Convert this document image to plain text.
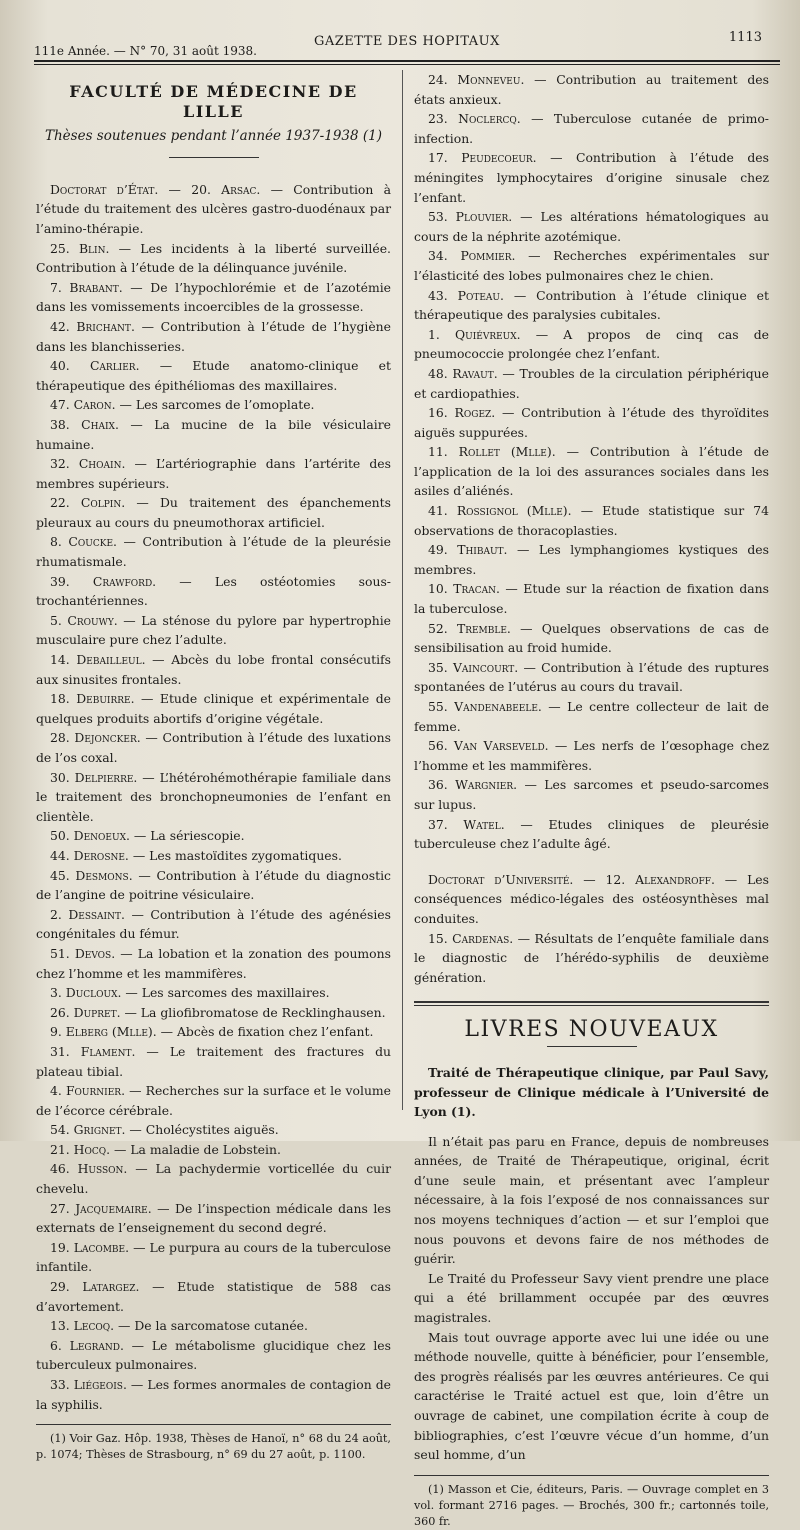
111e Année. — N° 70, 31 août 1938.
GAZETTE DES HOPITAUX	1113
FACULTÉ DE MÉDECINE DE LILLE
Thèses soutenues pendant l’année 1937-1938 (1)

Doctorat d’État. — 20. Arsac. — Contribution à l’étude du traitement des ulcères gastro-duodénaux par l’amino-thérapie.

25. Blin. — Les incidents à la liberté surveillée. Contribution à l’étude de la délinquance juvénile.

7. Brabant. — De l’hypochlorémie et de l’azotémie dans les vomissements incoercibles de la grossesse.

42. Brichant. — Contribution à l’étude de l’hygiène dans les blanchisseries.

40. Carlier. — Etude anatomo-clinique et thérapeutique des épithéliomas des maxillaires.

47. Caron. — Les sarcomes de l’omoplate.

38. Chaix. — La mucine de la bile vésiculaire humaine.

32. Choain. — L’artériographie dans l’artérite des membres supérieurs.

22. Colpin. — Du traitement des épanchements pleuraux au cours du pneumothorax artificiel.

8. Coucke. — Contribution à l’étude de la pleurésie rhumatismale.

39. Crawford. — Les ostéotomies sous-trochantériennes.

5. Crouwy. — La sténose du pylore par hypertrophie musculaire pure chez l’adulte.

14. Debailleul. — Abcès du lobe frontal consécutifs aux sinusites frontales.

18. Debuirre. — Etude clinique et expérimentale de quelques produits abortifs d’origine végétale.

28. Dejoncker. — Contribution à l’étude des luxations de l’os coxal.

30. Delpierre. — L’hétérohémothérapie familiale dans le traitement des bronchopneumonies de l’enfant en clientèle.

50. Denoeux. — La sériescopie.

44. Derosne. — Les mastoïdites zygomatiques.

45. Desmons. — Contribution à l’étude du diagnostic de l’angine de poitrine vésiculaire.

2. Dessaint. — Contribution à l’étude des agénésies congénitales du fémur.

51. Devos. — La lobation et la zonation des poumons chez l’homme et les mammifères.

3. Ducloux. — Les sarcomes des maxillaires.

26. Dupret. — La gliofibromatose de Recklinghausen.

9. Elberg (Mlle). — Abcès de fixation chez l’enfant.

31. Flament. — Le traitement des fractures du plateau tibial.

4. Fournier. — Recherches sur la surface et le volume de l’écorce cérébrale.

54. Grignet. — Cholécystites aiguës.

21. Hocq. — La maladie de Lobstein.

46. Husson. — La pachydermie vorticellée du cuir chevelu.

27. Jacquemaire. — De l’inspection médicale dans les externats de l’enseignement du second degré.

19. Lacombe. — Le purpura au cours de la tuberculose infantile.

29. Latargez. — Etude statistique de 588 cas d’avortement.

13. Lecoq. — De la sarcomatose cutanée.

6. Legrand. — Le métabolisme glucidique chez les tuberculeux pulmonaires.

33. Liégeois. — Les formes anormales de contagion de la syphilis.

(1) Voir Gaz. Hôp. 1938, Thèses de Hanoï, n° 68 du 24 août, p. 1074; Thèses de Strasbourg, n° 69 du 27 août, p. 1100.

24. Monneveu. — Contribution au traitement des états anxieux.

23. Noclercq. — Tuberculose cutanée de primo-infection.

17. Peudecoeur. — Contribution à l’étude des méningites lymphocytaires d’origine sinusale chez l’enfant.

53. Plouvier. — Les altérations hématologiques au cours de la néphrite azotémique.

34. Pommier. — Recherches expérimentales sur l’élasticité des lobes pulmonaires chez le chien.

43. Poteau. — Contribution à l’étude clinique et thérapeutique des paralysies cubitales.

1. Quiévreux. — A propos de cinq cas de pneumococcie prolongée chez l’enfant.

48. Ravaut. — Troubles de la circulation périphérique et cardiopathies.

16. Rogez. — Contribution à l’étude des thyroïdites aiguës suppurées.

11. Rollet (Mlle). — Contribution à l’étude de l’application de la loi des assurances sociales dans les asiles d’aliénés.

41. Rossignol (Mlle). — Etude statistique sur 74 observations de thoracoplasties.

49. Thibaut. — Les lymphangiomes kystiques des membres.

10. Tracan. — Etude sur la réaction de fixation dans la tuberculose.

52. Tremble. — Quelques observations de cas de sensibilisation au froid humide.

35. Vaincourt. — Contribution à l’étude des ruptures spontanées de l’utérus au cours du travail.

55. Vandenabeele. — Le centre collecteur de lait de femme.

56. Van Varseveld. — Les nerfs de l’œsophage chez l’homme et les mammifères.

36. Wargnier. — Les sarcomes et pseudo-sarcomes sur lupus.

37. Watel. — Etudes cliniques de pleurésie tuberculeuse chez l’adulte âgé.

Doctorat d’Université. — 12. Alexandroff. — Les conséquences médico-légales des ostéosynthèses mal conduites.

15. Cardenas. — Résultats de l’enquête familiale dans le diagnostic de l’hérédo-syphilis de deuxième génération.

LIVRES NOUVEAUX

Traité de Thérapeutique clinique, par Paul Savy, professeur de Clinique médicale à l’Université de Lyon (1).

Il n’était pas paru en France, depuis de nombreuses années, de Traité de Thérapeutique, original, écrit d’une seule main, et présentant avec l’ampleur nécessaire, à la fois l’exposé de nos connaissances sur nos moyens techniques d’action — et sur l’emploi que nous pouvons et devons faire de nos méthodes de guérir.

Le Traité du Professeur Savy vient prendre une place qui a été brillamment occupée par des œuvres magistrales.

Mais tout ouvrage apporte avec lui une idée ou une méthode nouvelle, quitte à bénéficier, pour l’ensemble, des progrès réalisés par les œuvres antérieures. Ce qui caractérise le Traité actuel est que, loin d’être un ouvrage de cabinet, une compilation écrite à coup de bibliographies, c’est l’œuvre vécue d’un homme, d’un seul homme, d’un

(1) Masson et Cie, éditeurs, Paris. — Ouvrage complet en 3 vol. formant 2716 pages. — Brochés, 300 fr.; cartonnés toile, 360 fr.
